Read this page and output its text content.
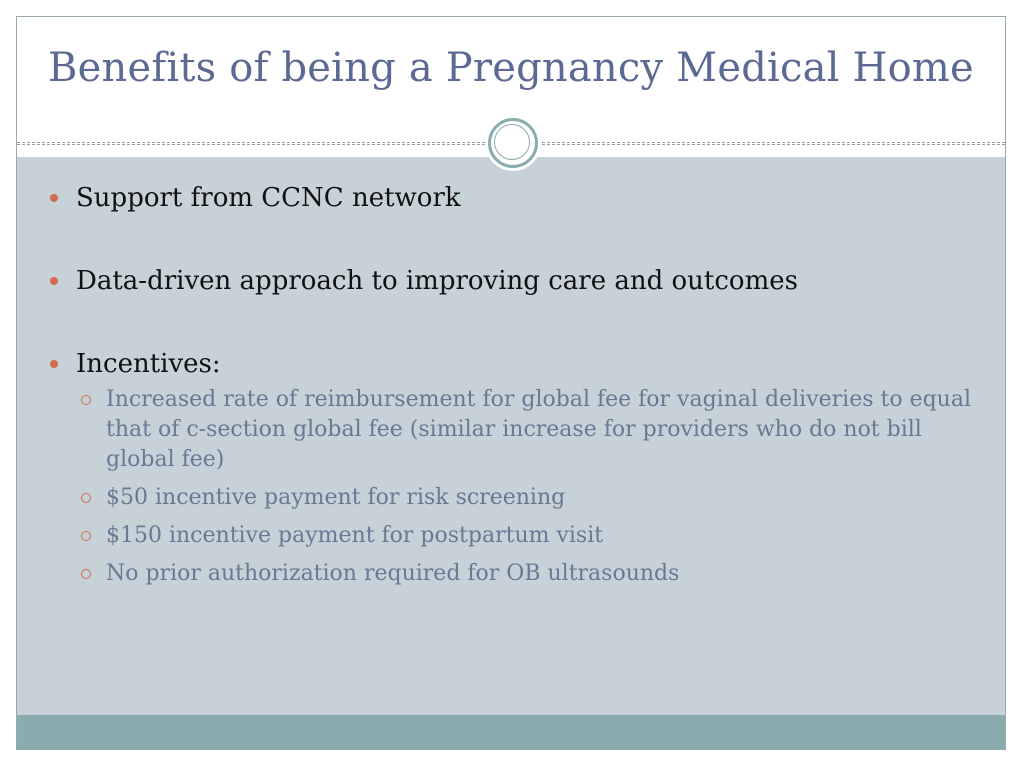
Benefits of being a Pregnancy Medical Home
Support from CCNC network
Data-driven approach to improving care and outcomes
Incentives:
Increased rate of reimbursement for global fee for vaginal deliveries to equal that of c-section global fee (similar increase for providers who do not bill global fee)
$50 incentive payment for risk screening
$150 incentive payment for postpartum visit
No prior authorization required for OB ultrasounds
